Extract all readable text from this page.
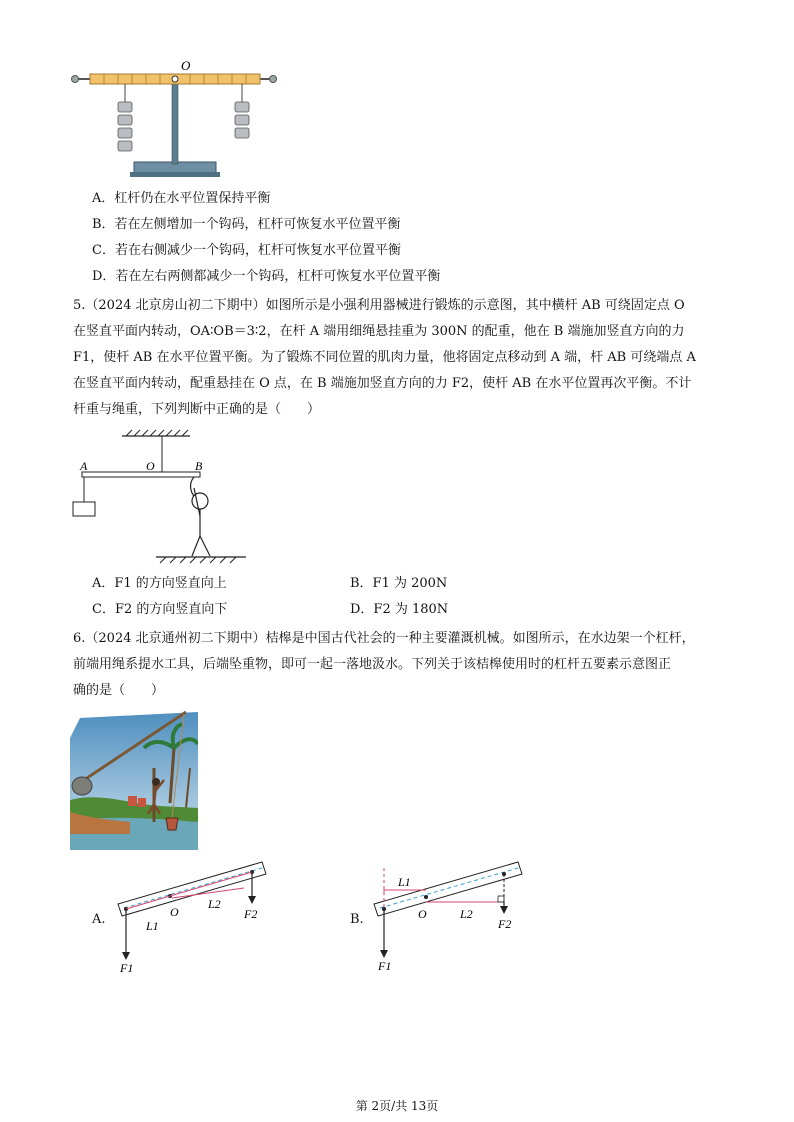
O
A．杠杆仍在水平位置保持平衡
B．若在左侧增加一个钩码，杠杆可恢复水平位置平衡
C．若在右侧减少一个钩码，杠杆可恢复水平位置平衡
D．若在左右两侧都减少一个钩码，杠杆可恢复水平位置平衡
5.（2024 北京房山初二下期中）如图所示是小强利用器械进行锻炼的示意图，其中横杆 AB 可绕固定点 O
在竖直平面内转动，OA∶OB＝3∶2，在杆 A 端用细绳悬挂重为 300N 的配重，他在 B 端施加竖直方向的力
F1，使杆 AB 在水平位置平衡。为了锻炼不同位置的肌肉力量，他将固定点移动到 A 端，杆 AB 可绕端点 A
在竖直平面内转动，配重悬挂在 O 点，在 B 端施加竖直方向的力 F2，使杆 AB 在水平位置再次平衡。不计
杆重与绳重，下列判断中正确的是（　　）
A	O	B
A．F1 的方向竖直向上	B．F1 为 200N
C．F2 的方向竖直向下	D．F2 为 180N
6.（2024 北京通州初二下期中）桔槔是中国古代社会的一种主要灌溉机械。如图所示，在水边架一个杠杆，
前端用绳系提水工具，后端坠重物，即可一起一落地汲水。下列关于该桔槔使用时的杠杆五要素示意图正
确的是（　　）
A.	O
L1
L2
F1
F2	B.	O
L1
L2
F1
F2
第 2页/共 13页
